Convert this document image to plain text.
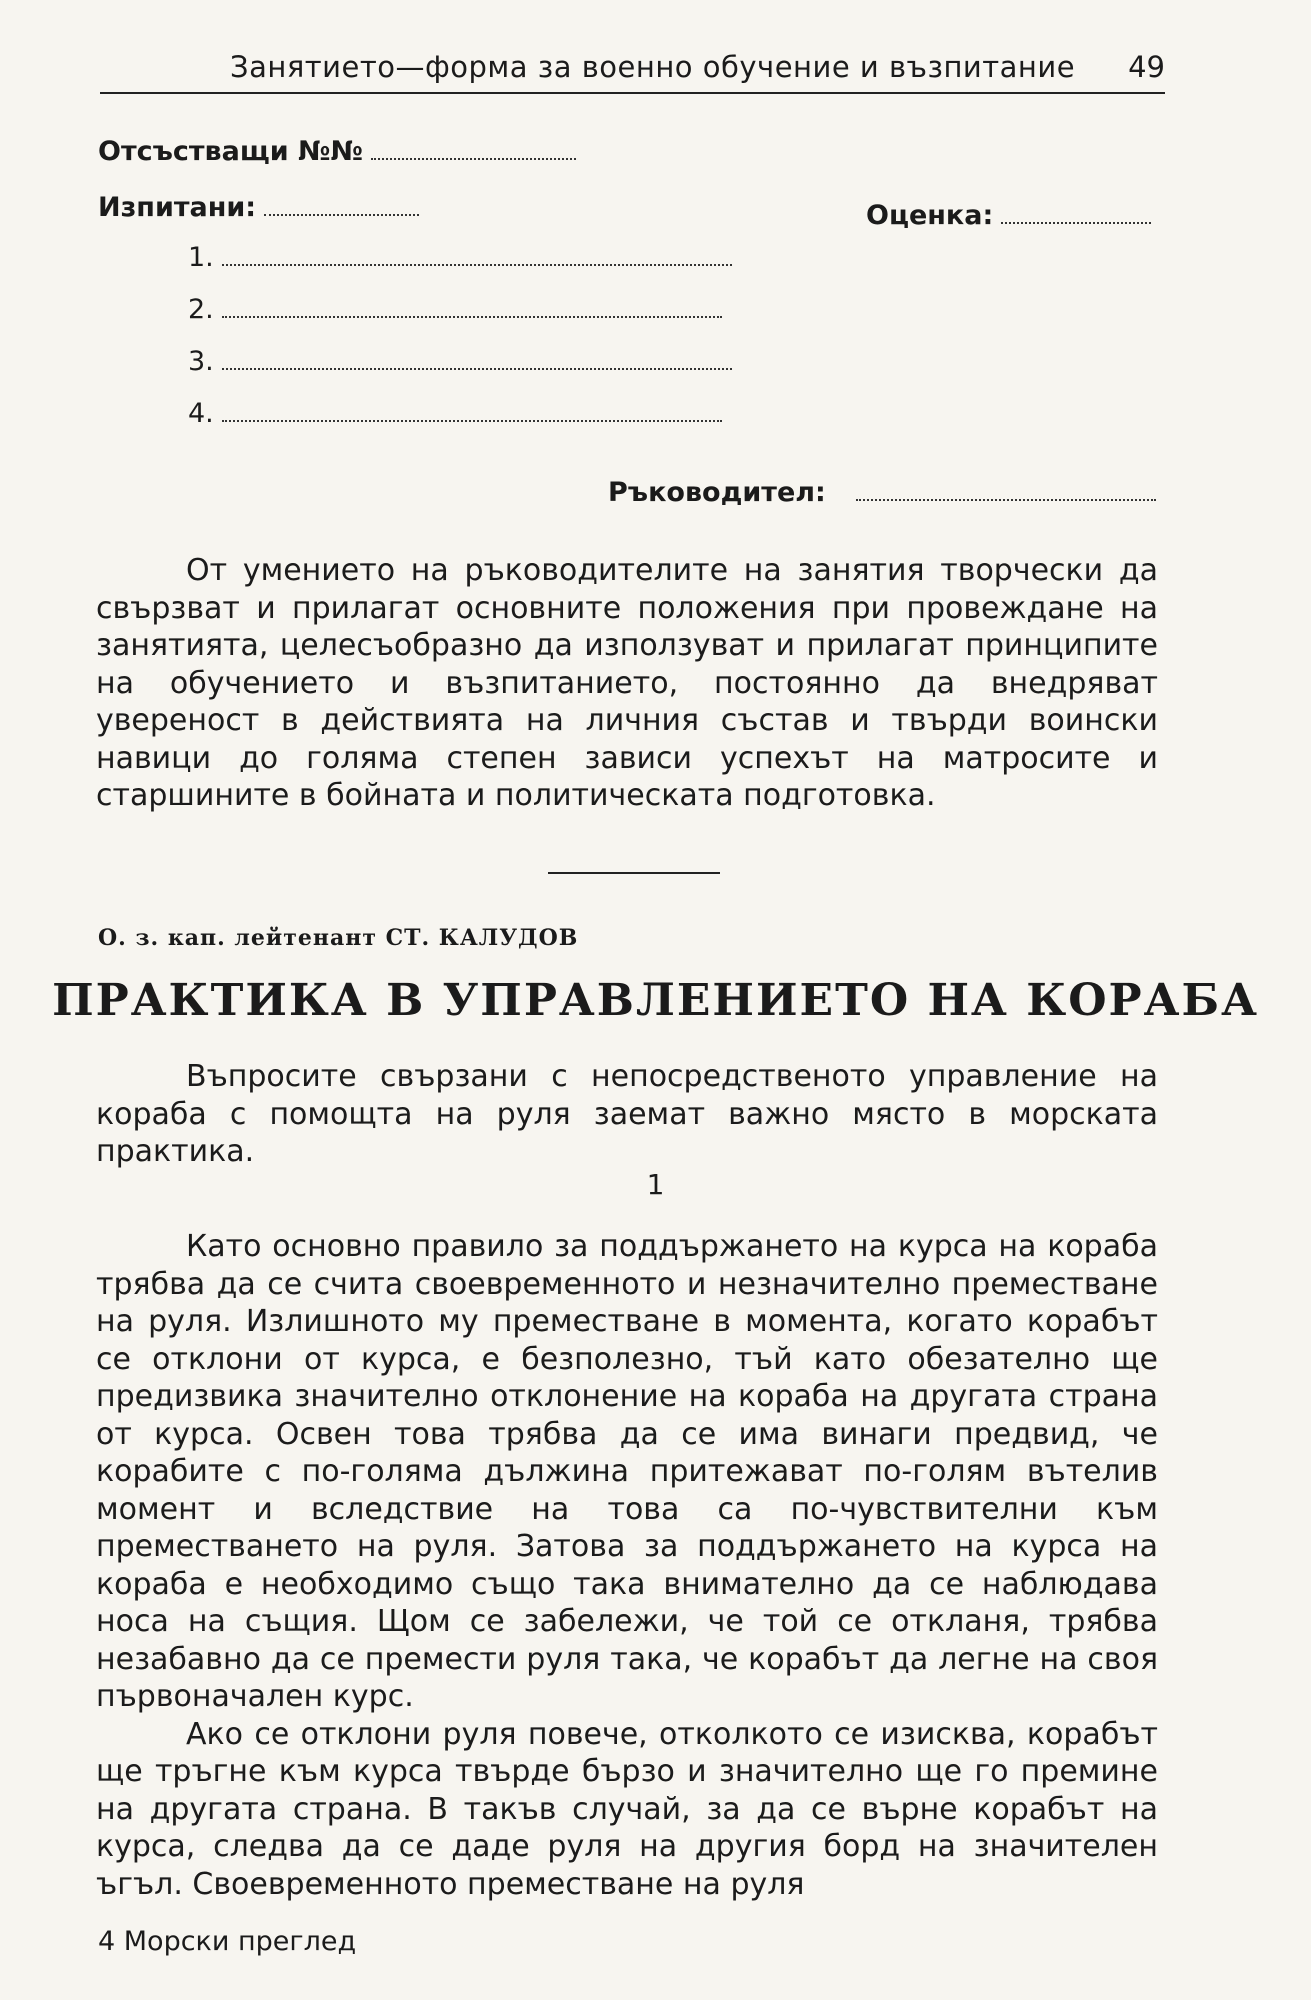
Занятието—форма за военно обучение и възпитание 49
Отсъстващи №№
Изпитани:	Оценка:
1.
2.
3.
4.
Ръководител:

От умението на ръководителите на занятия творчески да свързват и прилагат основните положения при провеждане на занятията, целесъобразно да използуват и прилагат принципите на обучението и възпитанието, постоянно да внедряват увереност в действията на личния състав и твърди воински навици до голяма степен зависи успехът на матросите и старшините в бойната и политическата подготовка.

О. з. кап. лейтенант СТ. КАЛУДОВ
ПРАКТИКА В УПРАВЛЕНИЕТО НА КОРАБА

Въпросите свързани с непосредственото управление на кораба с помощта на руля заемат важно място в морската практика.

1

Като основно правило за поддържането на курса на кораба трябва да се счита своевременното и незначително преместване на руля. Излишното му преместване в момента, когато корабът се отклони от курса, е безполезно, тъй като обезателно ще предизвика значително отклонение на кораба на другата страна от курса. Освен това трябва да се има винаги предвид, че корабите с по-голяма дължина притежават по-голям вътелив момент и вследствие на това са по-чувствителни към преместването на руля. Затова за поддържането на курса на кораба е необходимо също така внимателно да се наблюдава носа на същия. Щом се забележи, че той се откланя, трябва незабавно да се премести руля така, че корабът да легне на своя първоначален курс.

Ако се отклони руля повече, отколкото се изисква, корабът ще тръгне към курса твърде бързо и значително ще го премине на другата страна. В такъв случай, за да се върне корабът на курса, следва да се даде руля на другия борд на значителен ъгъл. Своевременното преместване на руля

4 Морски преглед
